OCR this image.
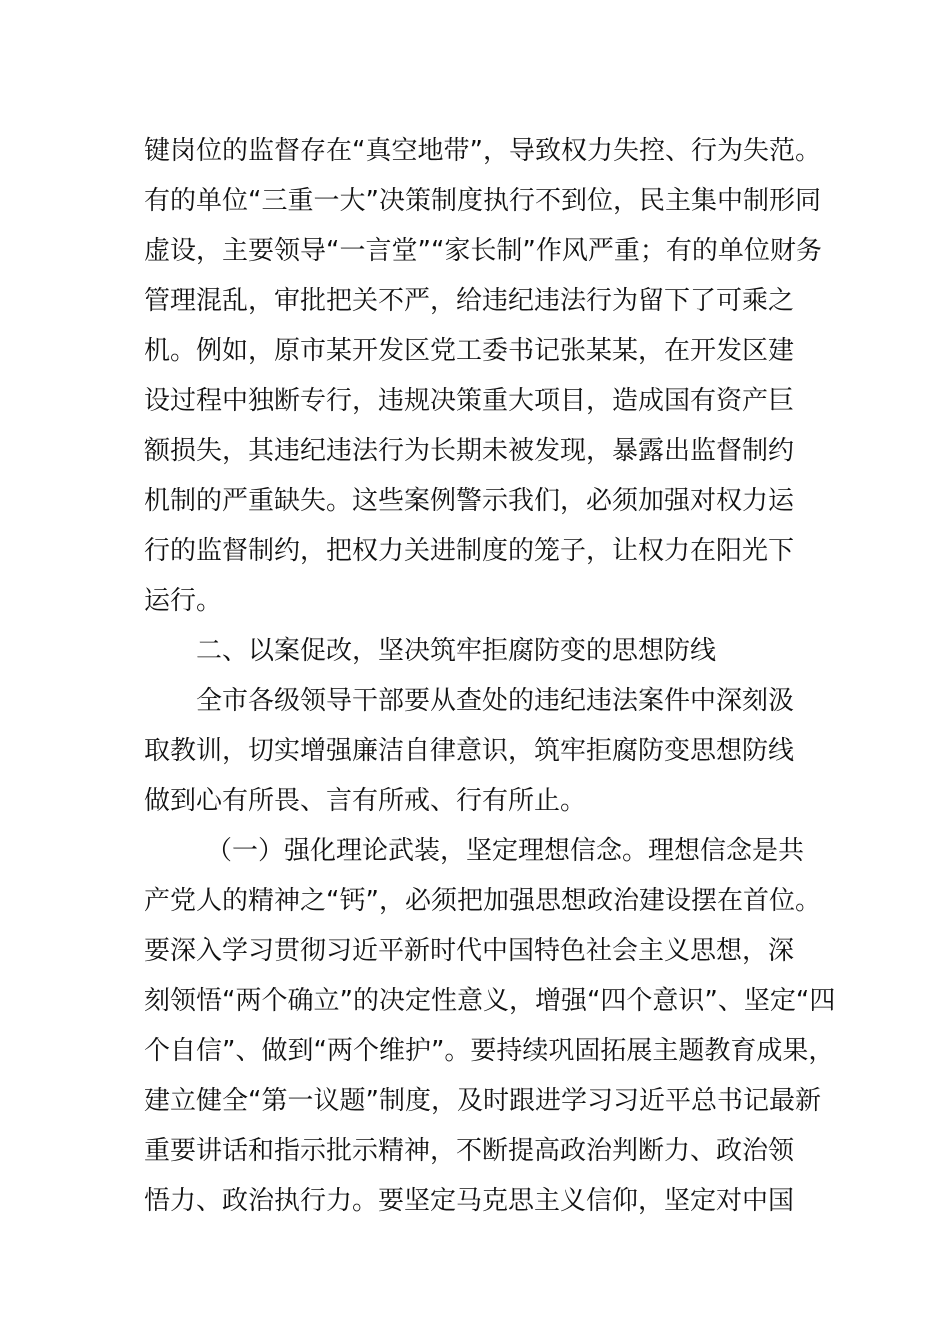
键岗位的监督存在“真空地带”，导致权力失控、行为失范。
有的单位“三重一大”决策制度执行不到位，民主集中制形同
虚设，主要领导“一言堂”“家长制”作风严重；有的单位财务
管理混乱，审批把关不严，给违纪违法行为留下了可乘之
机。例如，原市某开发区党工委书记张某某，在开发区建
设过程中独断专行，违规决策重大项目，造成国有资产巨
额损失，其违纪违法行为长期未被发现，暴露出监督制约
机制的严重缺失。这些案例警示我们，必须加强对权力运
行的监督制约，把权力关进制度的笼子，让权力在阳光下
运行。
二、以案促改，坚决筑牢拒腐防变的思想防线
全市各级领导干部要从查处的违纪违法案件中深刻汲
取教训，切实增强廉洁自律意识，筑牢拒腐防变思想防线
做到心有所畏、言有所戒、行有所止。
（一）强化理论武装，坚定理想信念。理想信念是共
产党人的精神之“钙”，必须把加强思想政治建设摆在首位。
要深入学习贯彻习近平新时代中国特色社会主义思想，深
刻领悟“两个确立”的决定性意义，增强“四个意识”、坚定“四
个自信”、做到“两个维护”。要持续巩固拓展主题教育成果，
建立健全“第一议题”制度，及时跟进学习习近平总书记最新
重要讲话和指示批示精神，不断提高政治判断力、政治领
悟力、政治执行力。要坚定马克思主义信仰，坚定对中国
